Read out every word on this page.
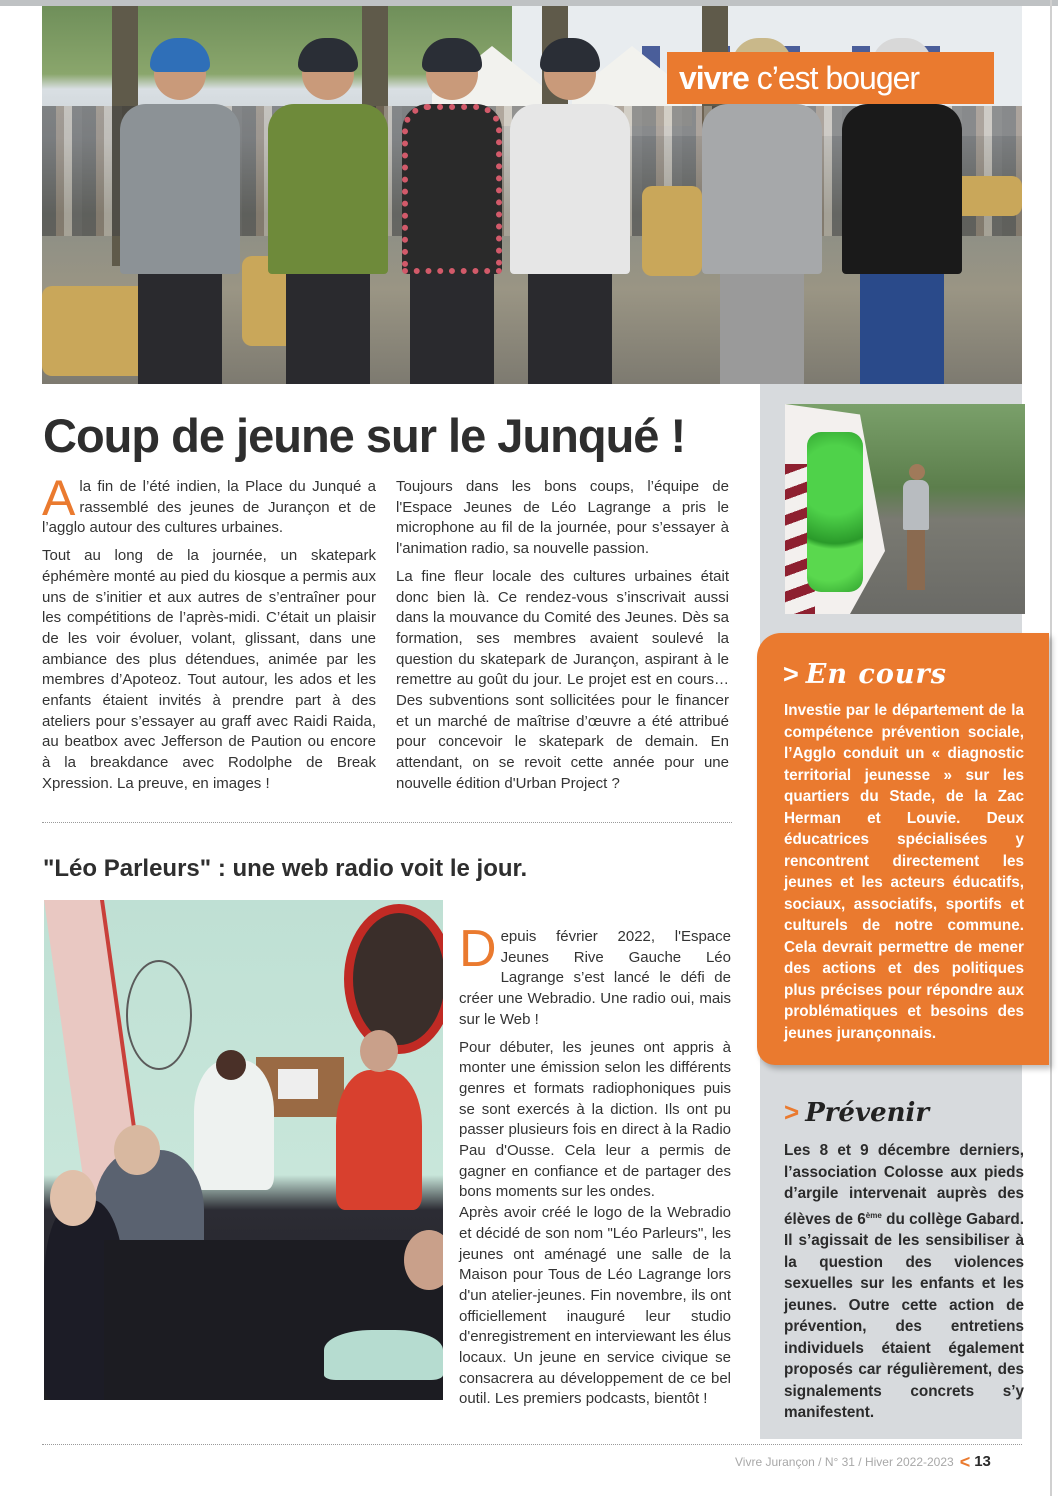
vivre c’est bouger
Coup de jeune sur le Junqué !

Ala fin de l’été indien, la Place du Junqué a rassemblé des jeunes de Jurançon et de l’agglo autour des cultures urbaines.

Tout au long de la journée, un skatepark éphémère monté au pied du kiosque a permis aux uns de s’initier et aux autres de s’entraîner pour les compétitions de l’après-midi. C’était un plaisir de les voir évoluer, volant, glissant, dans une ambiance des plus détendues, animée par les membres d’Apoteoz. Tout autour, les ados et les enfants étaient invités à prendre part à des ateliers pour s’essayer au graff avec Raidi Raida, au beatbox avec Jefferson de Paution ou encore à la breakdance avec Rodolphe de Break Xpression. La preuve, en images !

Toujours dans les bons coups, l’équipe de l'Espace Jeunes de Léo Lagrange a pris le microphone au fil de la journée, pour s’essayer à l'animation radio, sa nouvelle passion.

La fine fleur locale des cultures urbaines était donc bien là. Ce rendez-vous s’inscrivait aussi dans la mouvance du Comité des Jeunes. Dès sa formation, ses membres avaient soulevé la question du skatepark de Jurançon, aspirant à le remettre au goût du jour. Le projet est en cours… Des subventions sont sollicitées pour le financer et un marché de maîtrise d’œuvre a été attribué pour concevoir le skatepark de demain. En attendant, on se revoit cette année pour une nouvelle édition d'Urban Project ?

"Léo Parleurs" : une web radio voit le jour.

Depuis février 2022, l'Espace Jeunes Rive Gauche Léo Lagrange s’est lancé le défi de créer une Webradio. Une radio oui, mais sur le Web !

Pour débuter, les jeunes ont appris à monter une émission selon les différents genres et formats radiophoniques puis se sont exercés à la diction. Ils ont pu passer plusieurs fois en direct à la Radio Pau d'Ousse. Cela leur a permis de gagner en confiance et de partager des bons moments sur les ondes.

Après avoir créé le logo de la Webradio et décidé de son nom "Léo Parleurs", les jeunes ont aménagé une salle de la Maison pour Tous de Léo Lagrange lors d'un atelier-jeunes. Fin novembre, ils ont officiellement inauguré leur studio d'enregistrement en interviewant les élus locaux. Un jeune en service civique se consacrera au développement de ce bel outil. Les premiers podcasts, bientôt !

> En cours
Investie par le département de la compétence prévention sociale, l’Agglo conduit un « diagnostic territorial jeunesse » sur les quartiers du Stade, de la Zac Herman et Louvie. Deux éducatrices spécialisées y rencontrent directement les jeunes et les acteurs éducatifs, sociaux, associatifs, sportifs et culturels de notre commune. Cela devrait permettre de mener des actions et des politiques plus précises pour répondre aux problématiques et besoins des jeunes jurançonnais.
> Prévenir
Les 8 et 9 décembre derniers, l’association Colosse aux pieds d’argile intervenait auprès des élèves de 6ème du collège Gabard. Il s’agissait de les sensibiliser à la question des violences sexuelles sur les enfants et les jeunes. Outre cette action de prévention, des entretiens individuels étaient également proposés car régulièrement, des signalements concrets s’y manifestent.
Vivre Jurançon / N° 31 / Hiver 2022-2023 < 13
